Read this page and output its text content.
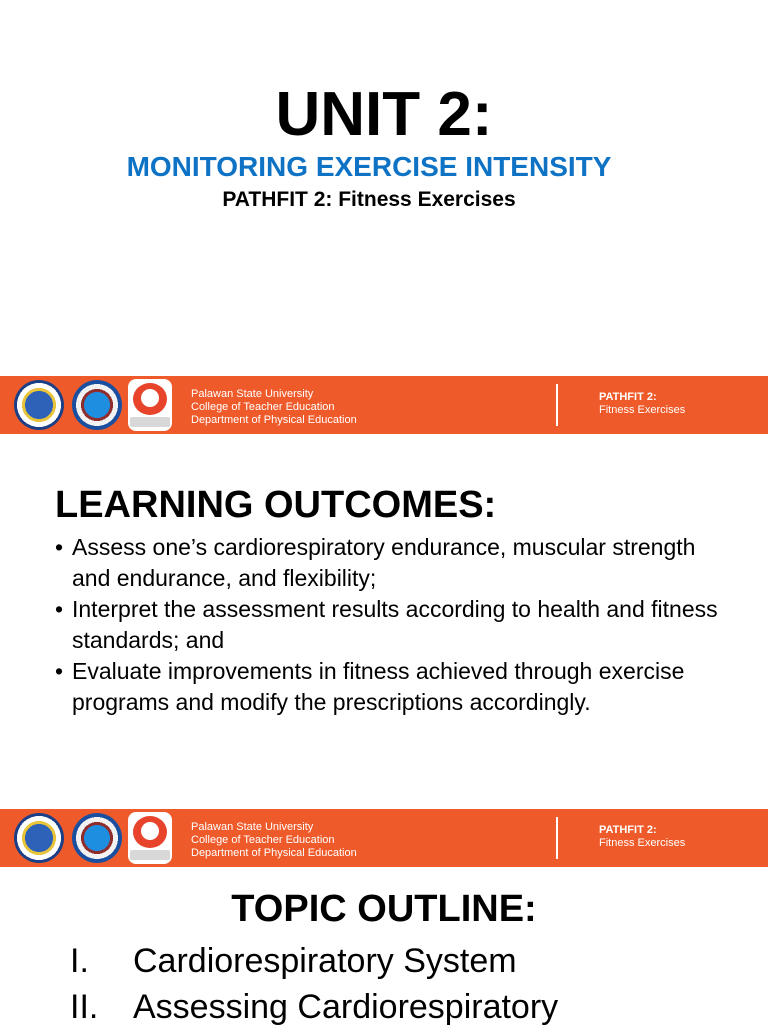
UNIT 2:
MONITORING EXERCISE INTENSITY
PATHFIT 2: Fitness Exercises
Palawan State University
College of Teacher Education
Department of Physical Education
PATHFIT 2:
Fitness Exercises
LEARNING OUTCOMES:
• Assess one’s cardiorespiratory endurance, muscular strength and endurance, and flexibility;
• Interpret the assessment results according to health and fitness standards; and
• Evaluate improvements in fitness achieved through exercise programs and modify the prescriptions accordingly.
Palawan State University
College of Teacher Education
Department of Physical Education
PATHFIT 2:
Fitness Exercises
TOPIC OUTLINE:
I. Cardiorespiratory System
II. Assessing Cardiorespiratory
